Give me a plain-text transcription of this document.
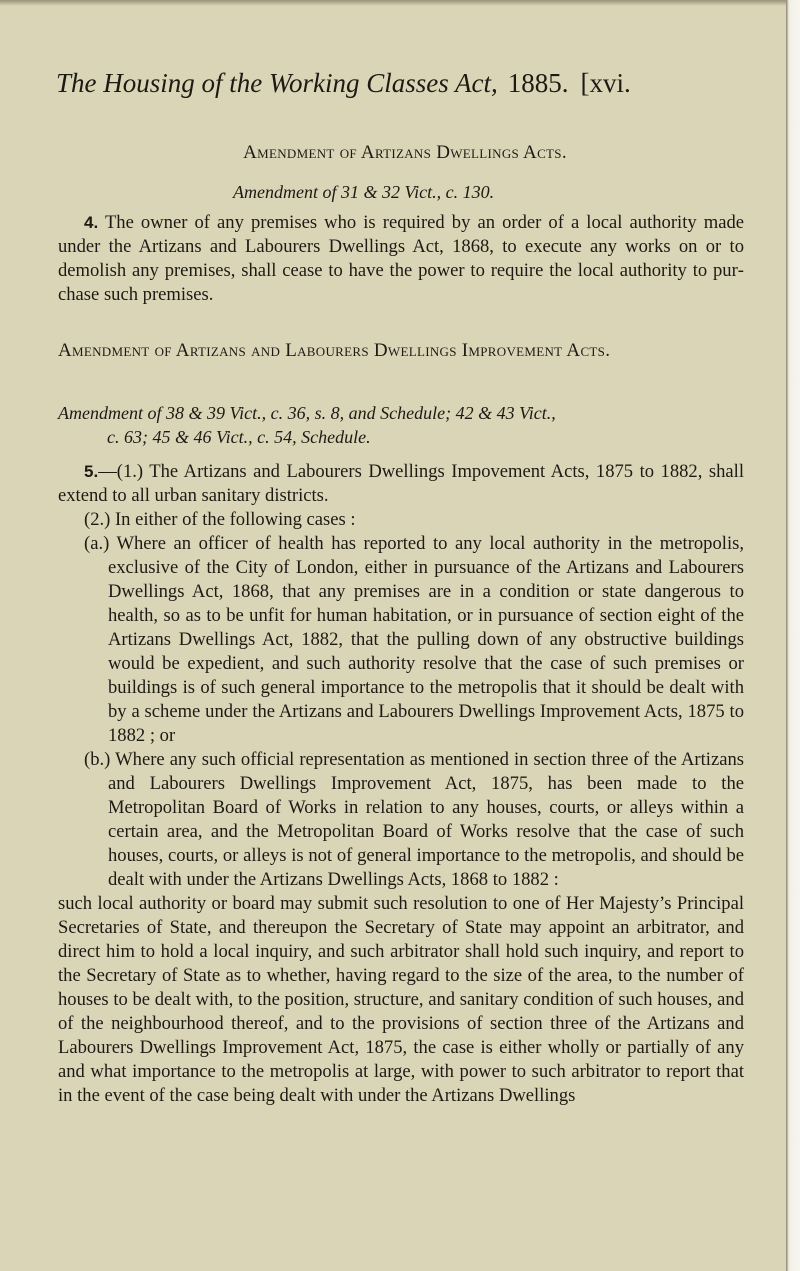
The Housing of the Working Classes Act, 1885. [xvi.
Amendment of Artizans Dwellings Acts.
Amendment of 31 & 32 Vict., c. 130.

4. The owner of any premises who is required by an order of a local authority made under the Artizans and Labourers Dwellings Act, 1868, to execute any works on or to demolish any premises, shall cease to have the power to require the local authority to purchase such premises.

Amendment of Artizans and Labourers Dwellings Improvement Acts.
Amendment of 38 & 39 Vict., c. 36, s. 8, and Schedule; 42 & 43 Vict.,
c. 63; 45 & 46 Vict., c. 54, Schedule.

5.—(1.) The Artizans and Labourers Dwellings Impovement Acts, 1875 to 1882, shall extend to all urban sanitary districts.

(2.) In either of the following cases :

(a.) Where an officer of health has reported to any local authority in the metropolis, exclusive of the City of London, either in pursuance of the Artizans and Labourers Dwellings Act, 1868, that any premises are in a condition or state dangerous to health, so as to be unfit for human habitation, or in pursuance of section eight of the Artizans Dwellings Act, 1882, that the pulling down of any obstructive buildings would be expedient, and such authority resolve that the case of such premises or buildings is of such general importance to the metropolis that it should be dealt with by a scheme under the Artizans and Labourers Dwellings Improvement Acts, 1875 to 1882 ; or

(b.) Where any such official representation as mentioned in section three of the Artizans and Labourers Dwellings Improvement Act, 1875, has been made to the Metropolitan Board of Works in relation to any houses, courts, or alleys within a certain area, and the Metropolitan Board of Works resolve that the case of such houses, courts, or alleys is not of general importance to the metropolis, and should be dealt with under the Artizans Dwellings Acts, 1868 to 1882 :

such local authority or board may submit such resolution to one of Her Majesty’s Principal Secretaries of State, and thereupon the Secretary of State may appoint an arbitrator, and direct him to hold a local inquiry, and such arbitrator shall hold such inquiry, and report to the Secretary of State as to whether, having regard to the size of the area, to the number of houses to be dealt with, to the position, structure, and sanitary condition of such houses, and of the neighbourhood thereof, and to the provisions of section three of the Artizans and Labourers Dwellings Improvement Act, 1875, the case is either wholly or partially of any and what importance to the metropolis at large, with power to such arbitrator to report that in the event of the case being dealt with under the Artizans Dwellings
